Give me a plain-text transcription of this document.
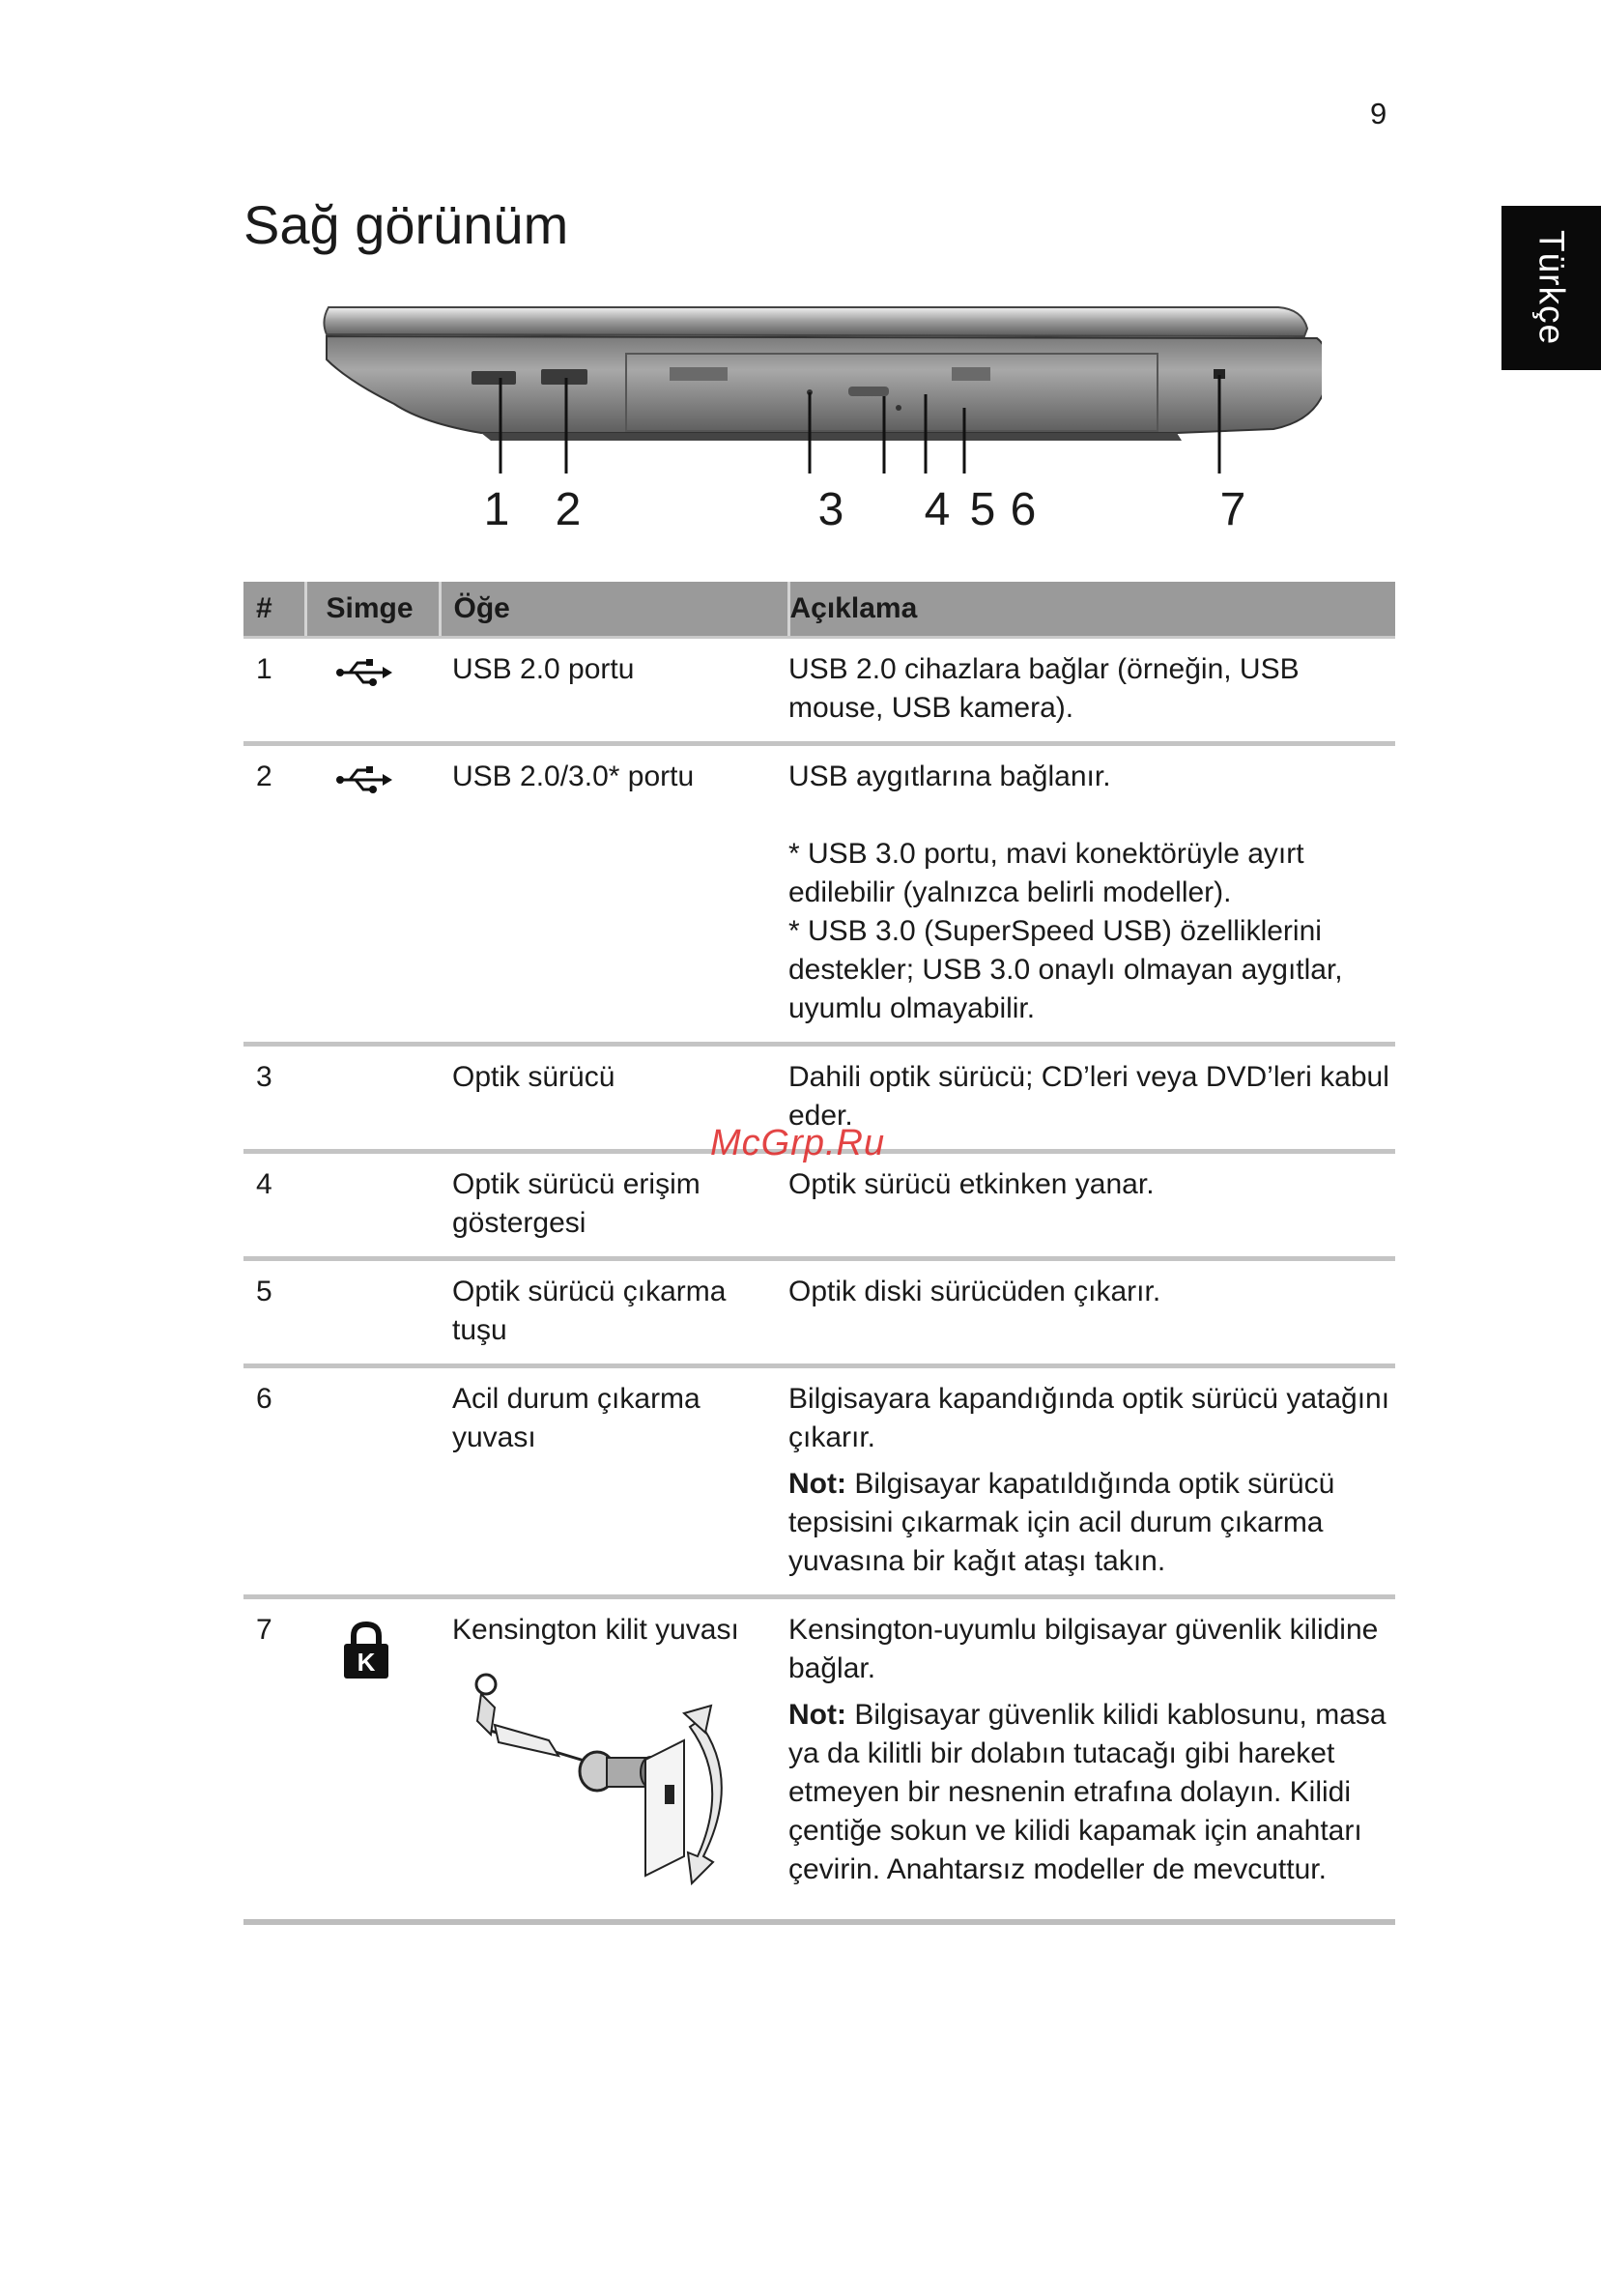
9
Türkçe
Sağ görünüm
1 2	3 4 5 6	7
#	Simge	Öğe	Açıklama
1		USB 2.0 portu	USB 2.0 cihazlara bağlar (örneğin, USB mouse, USB kamera).

2		USB 2.0/3.0* portu	USB aygıtlarına bağlanır.

* USB 3.0 portu, mavi konektörüyle ayırt edilebilir (yalnızca belirli modeller).

* USB 3.0 (SuperSpeed USB) özelliklerini destekler; USB 3.0 onaylı olmayan aygıtlar, uyumlu olmayabilir.

3		Optik sürücü	Dahili optik sürücü; CD’leri veya DVD’leri kabul eder.

4		Optik sürücü erişim göstergesi	Optik sürücü etkinken yanar.

5		Optik sürücü çıkarma tuşu	Optik diski sürücüden çıkarır.

6		Acil durum çıkarma yuvası	Bilgisayara kapandığında optik sürücü yatağını çıkarır.

Not: Bilgisayar kapatıldığında optik sürücü tepsisini çıkarmak için acil durum çıkarma yuvasına bir kağıt ataşı takın.

7	K	Kensington kilit yuvası	Kensington-uyumlu bilgisayar güvenlik kilidine bağlar.

Not: Bilgisayar güvenlik kilidi kablosunu, masa ya da kilitli bir dolabın tutacağı gibi hareket etmeyen bir nesnenin etrafına dolayın. Kilidi çentiğe sokun ve kilidi kapamak için anahtarı çevirin. Anahtarsız modeller de mevcuttur.

McGrp.Ru
